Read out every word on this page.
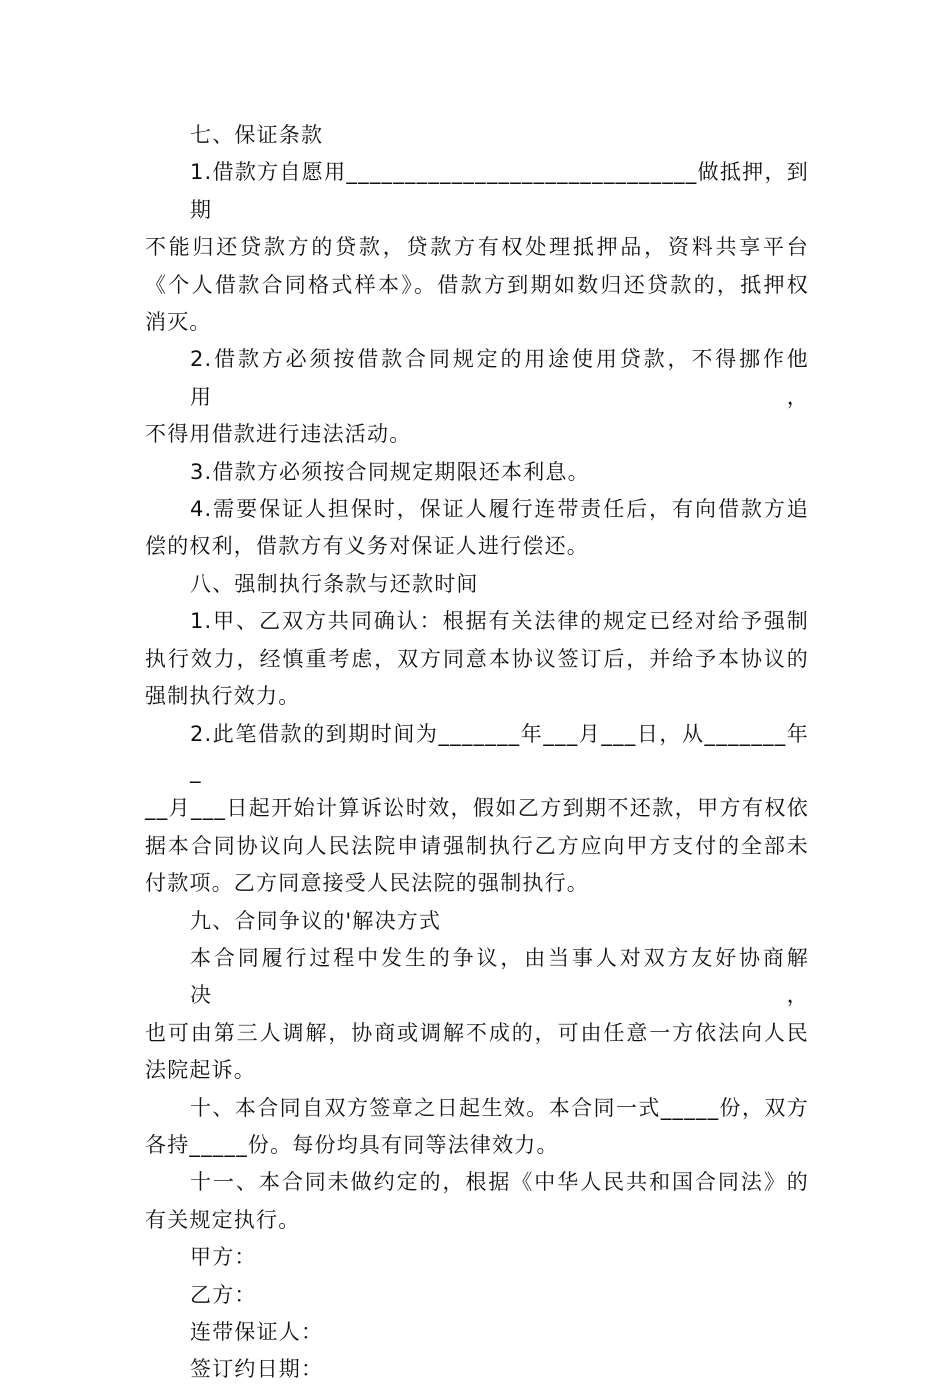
七、保证条款
1.借款方自愿用______________________________做抵押，到期
不能归还贷款方的贷款，贷款方有权处理抵押品，资料共享平台
《个人借款合同格式样本》。借款方到期如数归还贷款的，抵押权
消灭。
2.借款方必须按借款合同规定的用途使用贷款，不得挪作他用，
不得用借款进行违法活动。
3.借款方必须按合同规定期限还本利息。
4.需要保证人担保时，保证人履行连带责任后，有向借款方追
偿的权利，借款方有义务对保证人进行偿还。
八、强制执行条款与还款时间
1.甲、乙双方共同确认：根据有关法律的规定已经对给予强制
执行效力，经慎重考虑，双方同意本协议签订后，并给予本协议的
强制执行效力。
2.此笔借款的到期时间为_______年___月___日，从_______年_
__月___日起开始计算诉讼时效，假如乙方到期不还款，甲方有权依
据本合同协议向人民法院申请强制执行乙方应向甲方支付的全部未
付款项。乙方同意接受人民法院的强制执行。
九、合同争议的'解决方式
本合同履行过程中发生的争议，由当事人对双方友好协商解决，
也可由第三人调解，协商或调解不成的，可由任意一方依法向人民
法院起诉。
十、本合同自双方签章之日起生效。本合同一式_____份，双方
各持_____份。每份均具有同等法律效力。
十一、本合同未做约定的，根据《中华人民共和国合同法》的
有关规定执行。
甲方：
乙方：
连带保证人：
签订约日期：
